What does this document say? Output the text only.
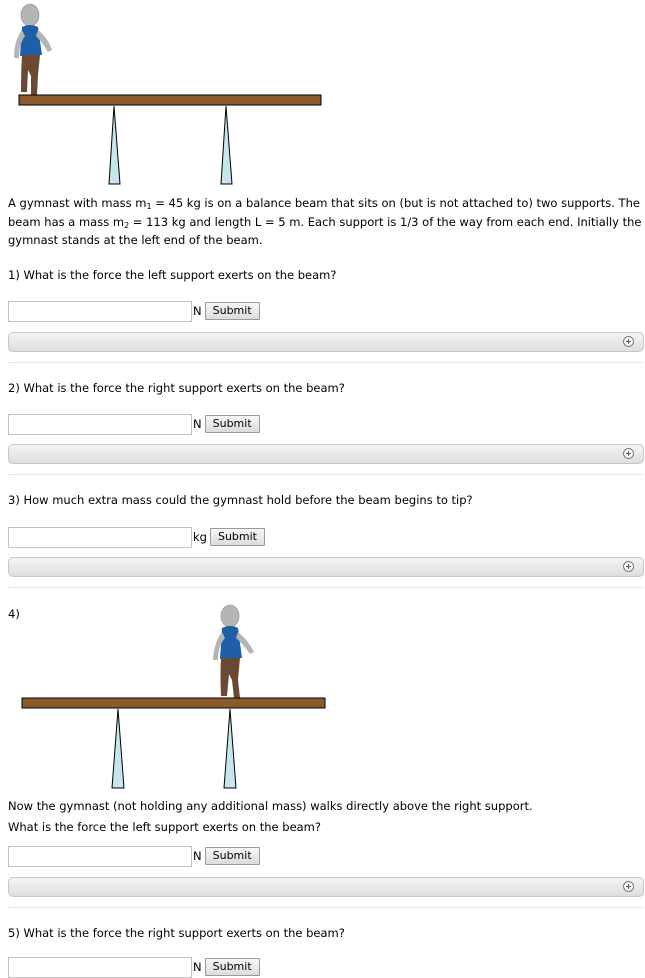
A gymnast with mass $m_1 = 45$ kg is on a balance beam that sits on (but is not attached to) two supports. The beam has a mass $m_2 = 113$ kg and length L = 5 m. Each support is 1/3 of the way from each end. Initially the gymnast stands at the left end of the beam.
1) What is the force the left support exerts on the beam?
N	Submit
2) What is the force the right support exerts on the beam?
N	Submit
3) How much extra mass could the gymnast hold before the beam begins to tip?
kg	Submit
4)
Now the gymnast (not holding any additional mass) walks directly above the right support.
What is the force the left support exerts on the beam?
N	Submit
5) What is the force the right support exerts on the beam?
N	Submit
